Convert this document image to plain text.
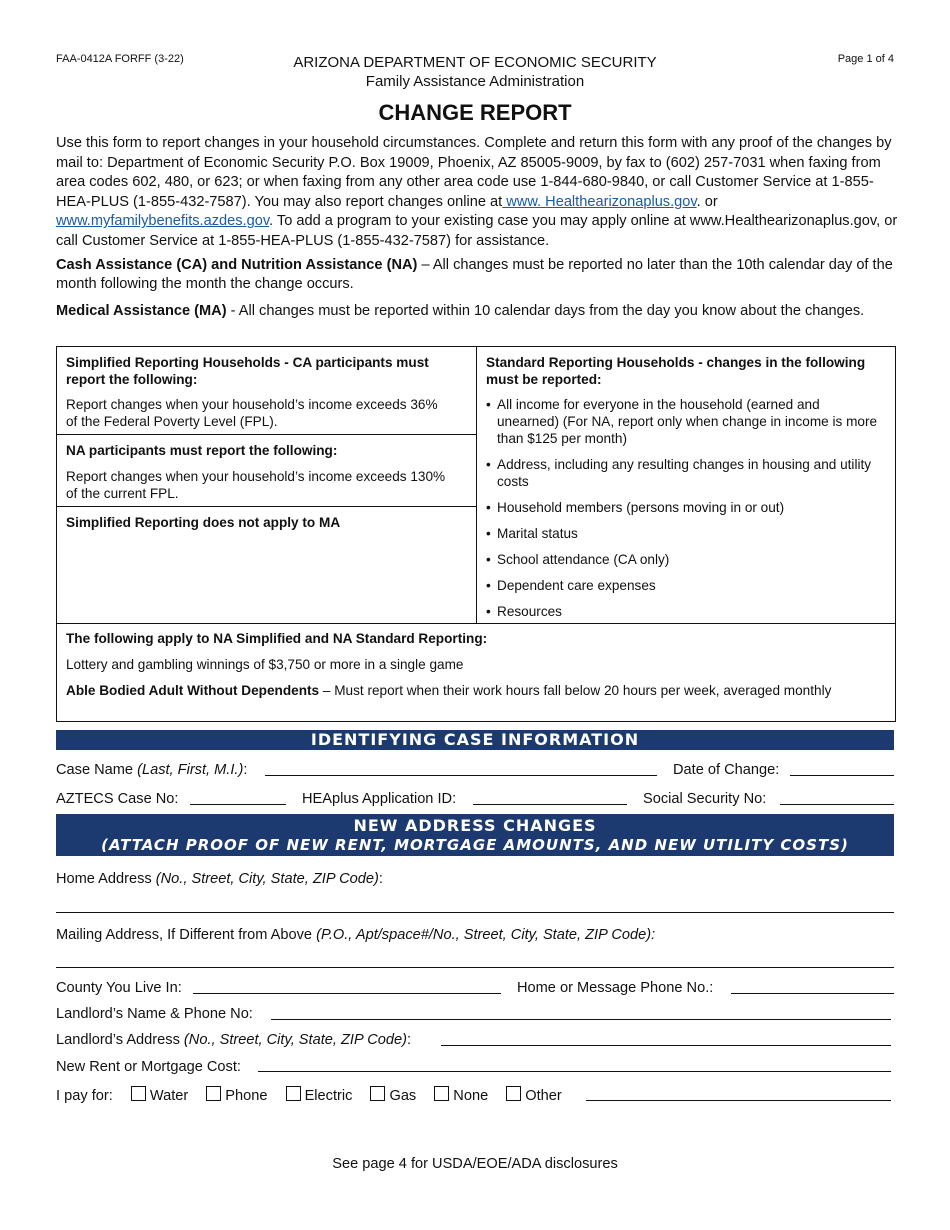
FAA-0412A FORFF (3-22)	Page 1 of 4
ARIZONA DEPARTMENT OF ECONOMIC SECURITY
Family Assistance Administration
CHANGE REPORT
Use this form to report changes in your household circumstances. Complete and return this form with any proof of the changes by mail to: Department of Economic Security P.O. Box 19009, Phoenix, AZ 85005-9009, by fax to (602) 257-7031 when faxing from area codes 602, 480, or 623; or when faxing from any other area code use 1-844-680-9840, or call Customer Service at 1-855-HEA-PLUS (1-855-432-7587). You may also report changes online at www. Healthearizonaplus.gov. or www.myfamilybenefits.azdes.gov. To add a program to your existing case you may apply online at www.Healthearizonaplus.gov, or call Customer Service at 1-855-HEA-PLUS (1-855-432-7587) for assistance.
Cash Assistance (CA) and Nutrition Assistance (NA) – All changes must be reported no later than the 10th calendar day of the month following the month the change occurs.
Medical Assistance (MA) - All changes must be reported within 10 calendar days from the day you know about the changes.
Simplified Reporting Households - CA participants must report the following:
Report changes when your household’s income exceeds 36% of the Federal Poverty Level (FPL).
NA participants must report the following:
Report changes when your household’s income exceeds 130% of the current FPL.
Simplified Reporting does not apply to MA
Standard Reporting Households - changes in the following must be reported:
• All income for everyone in the household (earned and unearned) (For NA, report only when change in income is more than $125 per month)
• Address, including any resulting changes in housing and utility costs
• Household members (persons moving in or out)
• Marital status
• School attendance (CA only)
• Dependent care expenses
• Resources
The following apply to NA Simplified and NA Standard Reporting:
Lottery and gambling winnings of $3,750 or more in a single game
Able Bodied Adult Without Dependents – Must report when their work hours fall below 20 hours per week, averaged monthly
IDENTIFYING CASE INFORMATION
Case Name (Last, First, M.I.):	Date of Change:
AZTECS Case No:	HEAplus Application ID:	Social Security No:
NEW ADDRESS CHANGES
(ATTACH PROOF OF NEW RENT, MORTGAGE AMOUNTS, AND NEW UTILITY COSTS)
Home Address (No., Street, City, State, ZIP Code):
Mailing Address, If Different from Above (P.O., Apt/space#/No., Street, City, State, ZIP Code):
County You Live In:	Home or Message Phone No.:
Landlord’s Name & Phone No:
Landlord’s Address (No., Street, City, State, ZIP Code):
New Rent or Mortgage Cost:
I pay for:	Water	Phone	Electric	Gas	None	Other
See page 4 for USDA/EOE/ADA disclosures
